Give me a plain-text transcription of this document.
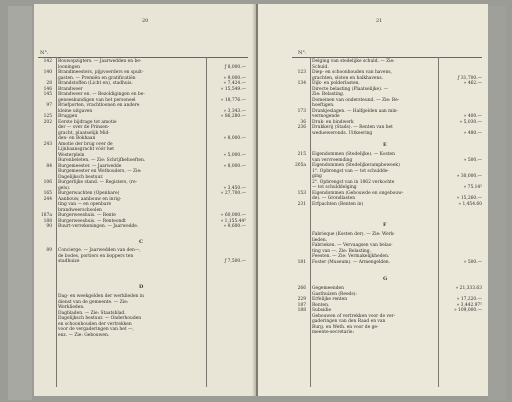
20
N°.
142 Bouwopzigters. — Jaarwedden en be-
looningen	ƒ 8,000.—
140 Brandmeesters, pijpvoerders en spuit-
gasten. — Premiën en gratificatiën	» 9,000.—
28 Brandstoffen (Licht en), stadhuis.	» 7,424.—
146 Brandweer	» 15,549.—
145 Brandweer en. — Bezoldigingen en be-
geneeskundigen van het personeel	» 18,776.—
97 Briefporten, vrachtloonen en andere
kleine uitgaven	» 3,343.—
125 Bruggen	» 86,280.—
202 Eerste bijdrage tot amotie
der — over de Prinsen-
gracht, plaatselijk Mid-
den- en Bokhaan	» 8,000.—
243 Amotie der brug over de
Lijnbaansgracht vóór het
Westerplein	» 5,000.—
Burenbeleten. — Zie: Schrijfbehoeften.
84 Burgemeester. — Jaarwedde	» 8,000.—
Burgemeester en Wethouders. — Zie:
Dagelijksch bestuur.
106 Burgerlijke stand. — Registers, (re-
gels).	» 3,450.—
165 Burgerwachten (Openbare)	» 27,700.—
244 Aanbouw, aanbouw en inrig-
ting van — en openbare
brandweerschoolen
187a Burgerweeshuis. — Rente	» 60,000.—
188 Burgerweeshuis. — Renteondt	» 1,155.44⁵
90 Buurt-verrekeningen. — Jaarwedde.	» 9,600.—
C
89 Concierge. — Jaarwedden van den—,
de bodes, portiers en boppers ten
stadhuize	ƒ 7,500.—
D
Dag- en weekgelden der werklieden in
dienst van de gemeente. — Zie:
Werklieden.
Dagbladen. — Zie: Staatsblad.
Dagelijksch bestuur. — Onderhouden
en schoonhouden der vertrekken
voor de vergaderingen van het —,
enz. — Zie: Gebouwen.
21
N°.
Delging van stedelijke schuld. — Zie:
Schuld.
123 Diep- en schoonhouden van havens,
grachten, sloten en balkhavens.	ƒ 31,700.—
134 Dijk- en polderlasten.	» 462.—
Directe belasting (Plaatselijke). —
Zie: Belasting.
Domeinen van ondersteund. — Zie: Be-
hoeftigen.
173 Drankjeslagen. — Halfgelden aan min-
vermogende	» 400.—
36 Druk- en bindwerk	» 5,030.—
236 Drukkerij (Stads). — Renten van het
wedueweronds. Uitkeering	» 480.—
E
215 Eigendommen (Stedelijke). — Kosten
van vervreemding	» 500.—
205a Eigendommen (Stedelijkerampbeweek)
1°. Opbrengst van — tot schuldde-
ging	» 30,000.—
2°. Opbrengst van in 1862 verkochte
— tot schulddelging	» 75.14⁵
153 Eigendommen (Gebouwde en ongebouw-
de). — Grondlasten	» 15,260.—
231 Erfpachten (Renten in)	» 1,454.60
F
Fabrieque (Kosten der). — Zie: Werk-
lieden.
Fabrieken. — Vervaagsen van belas-
ting van —. Zie: Belasting.
Feesten. — Zie: Vermakelijkheden.
181 Foster (Museum). — Armengelden.	» 500.—
G
266 Gegemeenden	» 21,333.63
Gasthuizen (Reeds):
229 Erfelijke renten	» 17,220.—
187 Renten.	» 3,442.97⁵
188 Subsidie	» 109,000.—
Gebouwen of vertrekken voor de ver-
gaderingen van den Raad en van
Burg. en Weth. en voor de ge-
meente-secretarie:
